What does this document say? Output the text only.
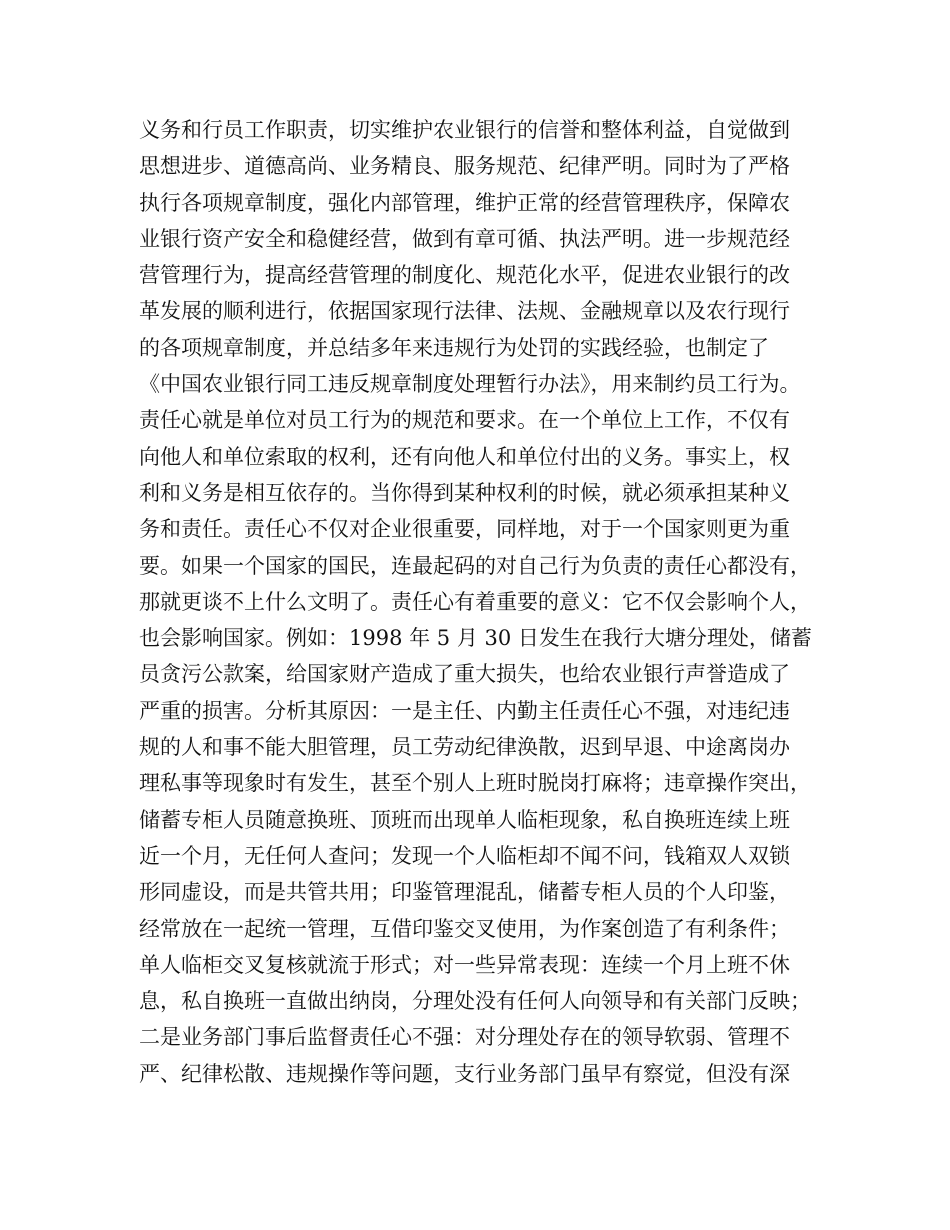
义务和行员工作职责，切实维护农业银行的信誉和整体利益，自觉做到
思想进步、道德高尚、业务精良、服务规范、纪律严明。同时为了严格
执行各项规章制度，强化内部管理，维护正常的经营管理秩序，保障农
业银行资产安全和稳健经营，做到有章可循、执法严明。进一步规范经
营管理行为，提高经营管理的制度化、规范化水平，促进农业银行的改
革发展的顺利进行，依据国家现行法律、法规、金融规章以及农行现行
的各项规章制度，并总结多年来违规行为处罚的实践经验，也制定了
《中国农业银行同工违反规章制度处理暂行办法》，用来制约员工行为。
责任心就是单位对员工行为的规范和要求。在一个单位上工作，不仅有
向他人和单位索取的权利，还有向他人和单位付出的义务。事实上，权
利和义务是相互依存的。当你得到某种权利的时候，就必须承担某种义
务和责任。责任心不仅对企业很重要，同样地，对于一个国家则更为重
要。如果一个国家的国民，连最起码的对自己行为负责的责任心都没有，
那就更谈不上什么文明了。责任心有着重要的意义：它不仅会影响个人，
也会影响国家。例如：1998 年 5 月 30 日发生在我行大塘分理处，储蓄
员贪污公款案，给国家财产造成了重大损失，也给农业银行声誉造成了
严重的损害。分析其原因：一是主任、内勤主任责任心不强，对违纪违
规的人和事不能大胆管理，员工劳动纪律涣散，迟到早退、中途离岗办
理私事等现象时有发生，甚至个别人上班时脱岗打麻将；违章操作突出，
储蓄专柜人员随意换班、顶班而出现单人临柜现象，私自换班连续上班
近一个月，无任何人查问；发现一个人临柜却不闻不问，钱箱双人双锁
形同虚设，而是共管共用；印鉴管理混乱，储蓄专柜人员的个人印鉴，
经常放在一起统一管理，互借印鉴交叉使用，为作案创造了有利条件；
单人临柜交叉复核就流于形式；对一些异常表现：连续一个月上班不休
息，私自换班一直做出纳岗，分理处没有任何人向领导和有关部门反映；
二是业务部门事后监督责任心不强：对分理处存在的领导软弱、管理不
严、纪律松散、违规操作等问题，支行业务部门虽早有察觉，但没有深
